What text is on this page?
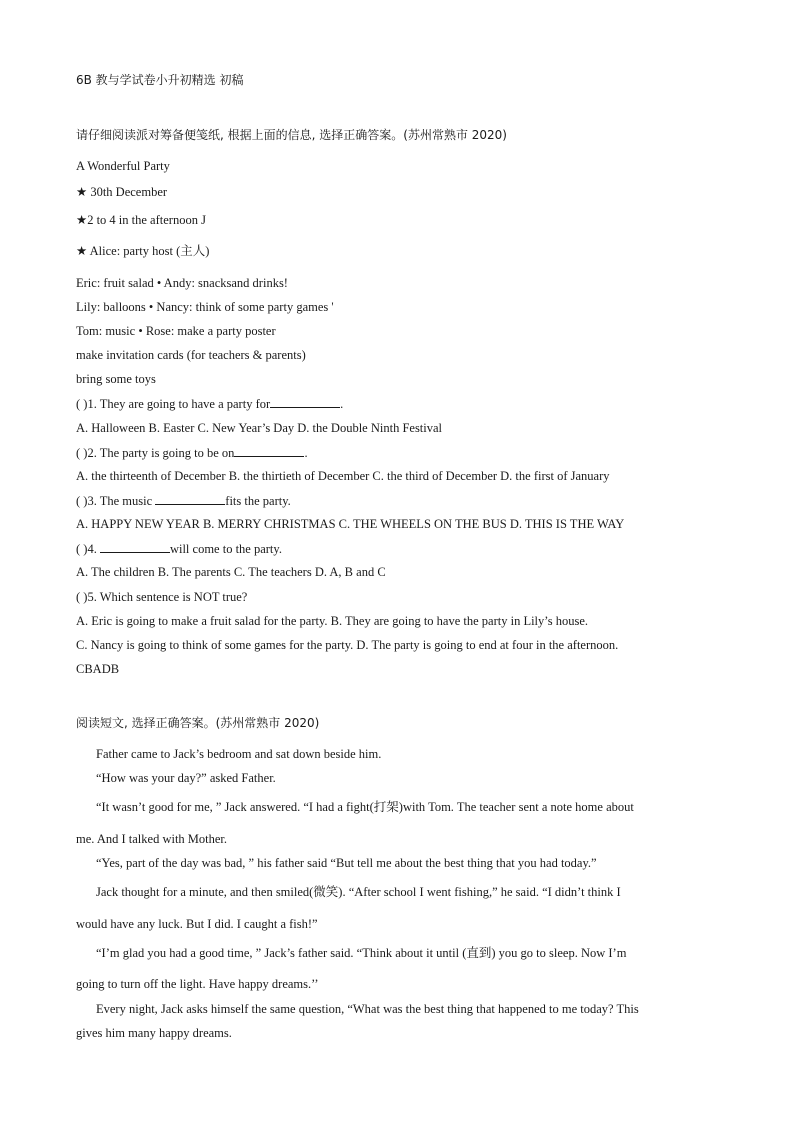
6B 教与学试卷小升初精选 初稿
请仔细阅读派对筹备便笺纸, 根据上面的信息, 选择正确答案。(苏州常熟市 2020)
A Wonderful Party
★ 30th December
★2 to 4 in the afternoon J
★ Alice: party host (主人)
Eric: fruit salad • Andy: snacksand drinks!
Lily: balloons • Nancy: think of some party games '
Tom: music • Rose: make a party poster
make invitation cards (for teachers & parents)
bring some toys
( )1. They are going to have a party for	.
A. Halloween B. Easter C. New Year’s Day D. the Double Ninth Festival
( )2. The party is going to be on	.
A. the thirteenth of December B. the thirtieth of December C. the third of December D. the first of January
( )3. The music	fits the party.
A. HAPPY NEW YEAR B. MERRY CHRISTMAS C. THE WHEELS ON THE BUS D. THIS IS THE WAY
( )4.	will come to the party.
A. The children B. The parents C. The teachers D. A, B and C
( )5. Which sentence is NOT true?
A. Eric is going to make a fruit salad for the party. B. They are going to have the party in Lily’s house.
C. Nancy is going to think of some games for the party. D. The party is going to end at four in the afternoon.
CBADB
阅读短文, 选择正确答案。(苏州常熟市 2020)
Father came to Jack’s bedroom and sat down beside him.
“How was your day?” asked Father.
“It wasn’t good for me, ” Jack answered. “I had a fight(打架)with Tom. The teacher sent a note home about
me. And I talked with Mother.
“Yes, part of the day was bad, ” his father said “But tell me about the best thing that you had today.”
Jack thought for a minute, and then smiled(微笑). “After school I went fishing,” he said. “I didn’t think I
would have any luck. But I did. I caught a fish!”
“I’m glad you had a good time, ” Jack’s father said. “Think about it until (直到) you go to sleep. Now I’m
going to turn off the light. Have happy dreams.’’
Every night, Jack asks himself the same question, “What was the best thing that happened to me today? This
gives him many happy dreams.
